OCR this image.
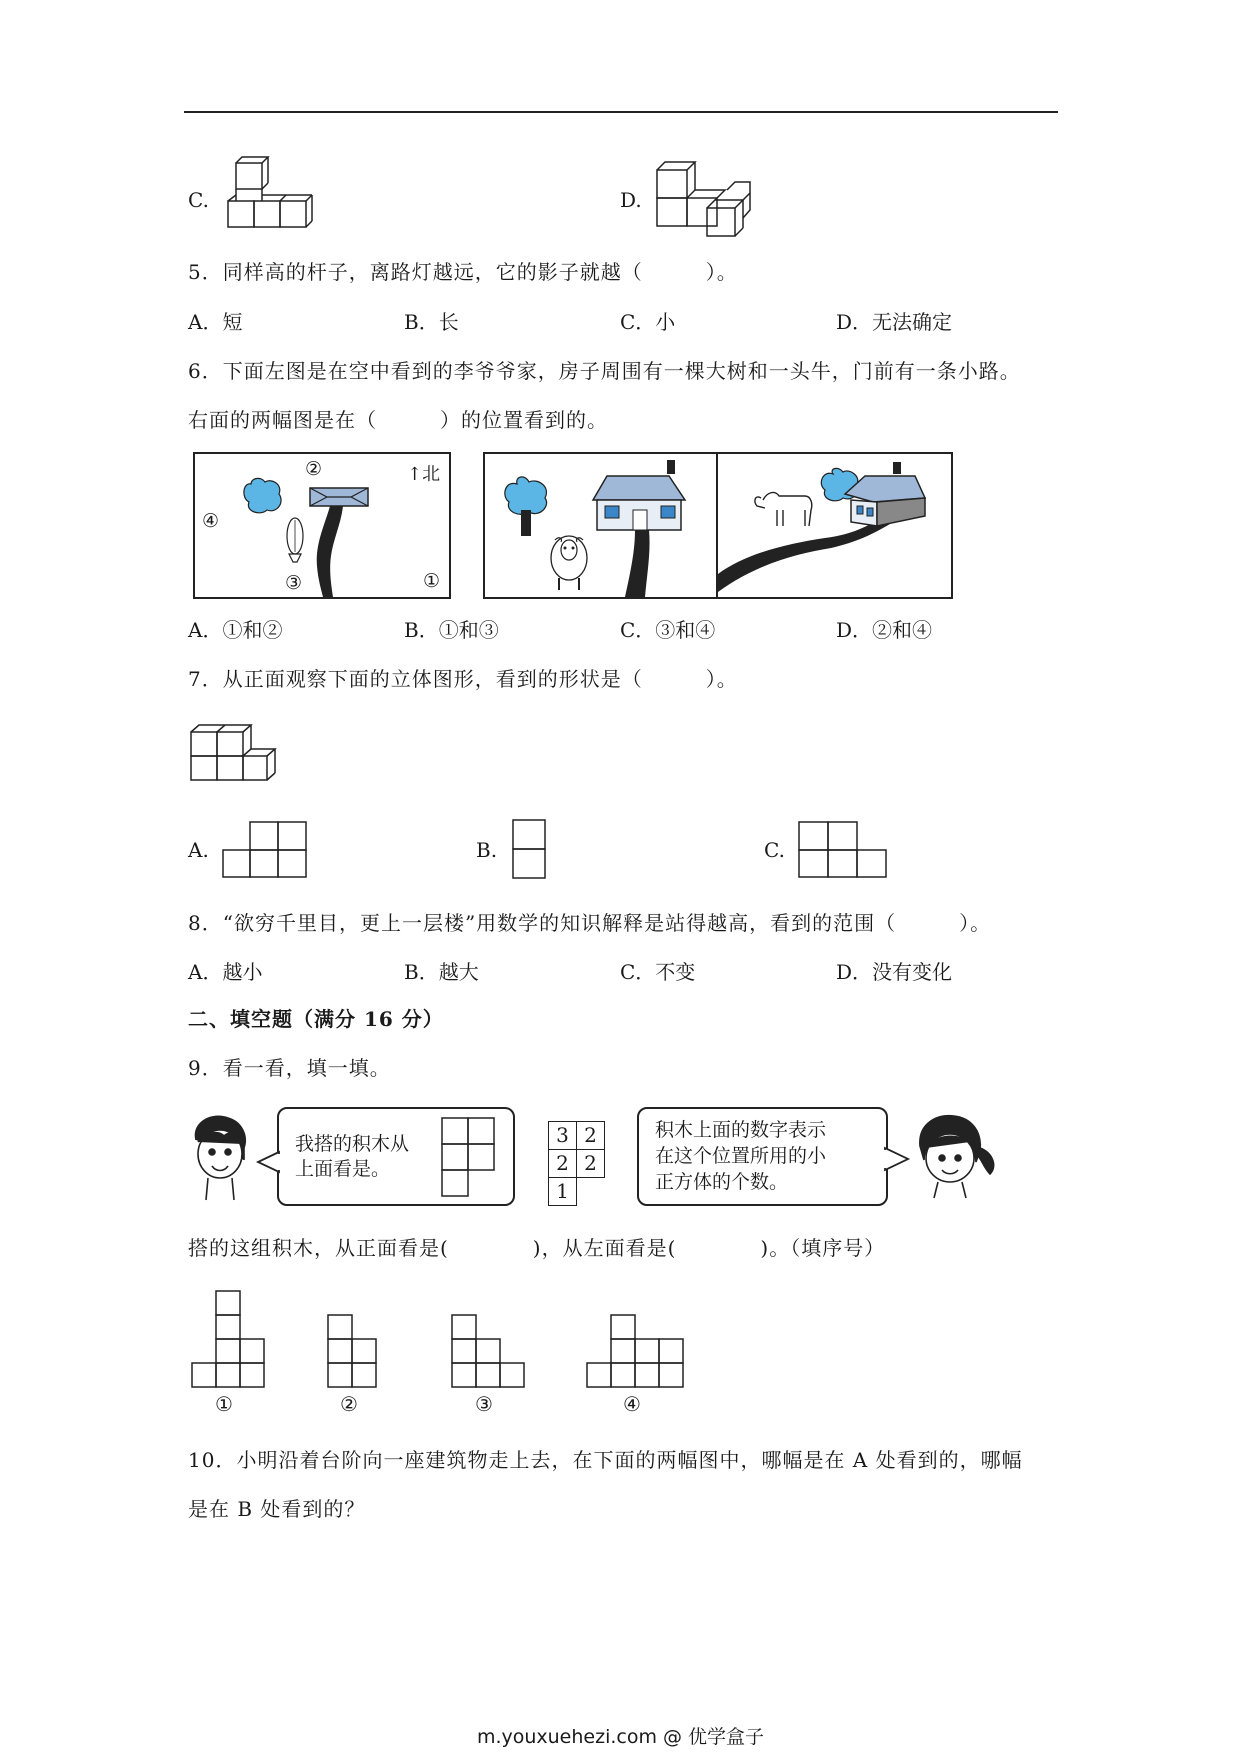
C.	D.
5．同样高的杆子，离路灯越远，它的影子就越（　　　）。
A．短	B．长	C．小	D．无法确定
6．下面左图是在空中看到的李爷爷家，房子周围有一棵大树和一头牛，门前有一条小路。
右面的两幅图是在（　　　）的位置看到的。
②
④
③	①
↑北
A．①和②	B．①和③	C．③和④	D．②和④
7．从正面观察下面的立体图形，看到的形状是（　　　）。
A.	B.	C.
8．“欲穷千里目，更上一层楼”用数学的知识解释是站得越高，看到的范围（　　　）。
A．越小	B．越大	C．不变	D．没有变化
二、填空题（满分 16 分）
9．看一看，填一填。
我搭的积木从
上面看是。
3 2
2 2
1
积木上面的数字表示
在这个位置所用的小
正方体的个数。
搭的这组积木，从正面看是(　　　　)，从左面看是(　　　　)。（填序号）
①	②	③	④
10．小明沿着台阶向一座建筑物走上去，在下面的两幅图中，哪幅是在 A 处看到的，哪幅
是在 B 处看到的？
m.youxuehezi.com @ 优学盒子
